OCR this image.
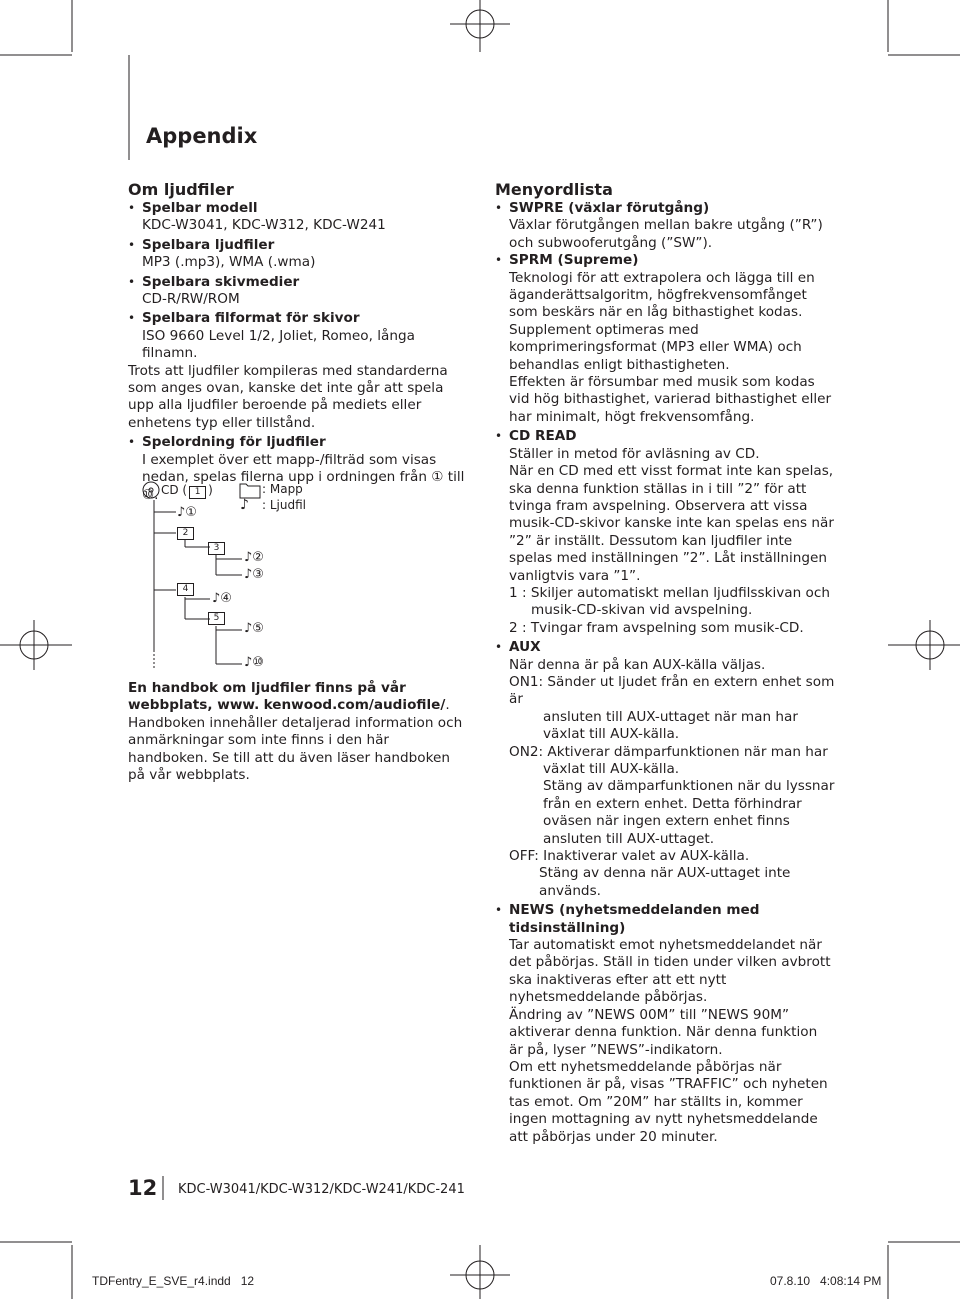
Appendix
Om ljudfiler
• Spelbar modell
KDC-W3041, KDC-W312, KDC-W241
• Spelbara ljudfiler
MP3 (.mp3), WMA (.wma)
• Spelbara skivmedier
CD-R/RW/ROM
• Spelbara filformat för skivor
ISO 9660 Level 1/2, Joliet, Romeo, långa filnamn.
Trots att ljudfiler kompileras med standarderna som anges ovan, kanske det inte går att spela upp alla ljudfiler beroende på mediets eller enhetens typ eller tillstånd.
• Spelordning för ljudfiler
I exemplet över ett mapp-/filträd som visas nedan, spelas filerna upp i ordningen från ① till ⑩. CD ( 1 )	: Mapp
: Ljudfil
♪
♪①
2
3
♪②
♪③
4
♪④
5
♪⑤
♪⑩
En handbok om ljudfiler finns på vår webbplats, www. kenwood.com/audiofile/. Handboken innehåller detaljerad information och anmärkningar som inte finns i den här handboken. Se till att du även läser handboken på vår webbplats.
Menyordlista
• SWPRE (växlar förutgång)
Växlar förutgången mellan bakre utgång (”R”) och subwooferutgång (”SW”).
• SPRM (Supreme)
Teknologi för att extrapolera och lägga till en äganderättsalgoritm, högfrekvensomfånget som beskärs när en låg bithastighet kodas.
Supplement optimeras med komprimeringsformat (MP3 eller WMA) och behandlas enligt bithastigheten.
Effekten är försumbar med musik som kodas vid hög bithastighet, varierad bithastighet eller har minimalt, högt frekvensomfång.
• CD READ
Ställer in metod för avläsning av CD.
När en CD med ett visst format inte kan spelas, ska denna funktion ställas in i till ”2” för att tvinga fram avspelning. Observera att vissa musik-CD-skivor kanske inte kan spelas ens när ”2” är inställt. Dessutom kan ljudfiler inte spelas med inställningen ”2”. Låt inställningen vanligtvis vara ”1”.
1 : Skiljer automatiskt mellan ljudfilsskivan och
musik-CD-skivan vid avspelning.
2 : Tvingar fram avspelning som musik-CD.
• AUX
När denna är på kan AUX-källa väljas.
ON1: Sänder ut ljudet från en extern enhet som är
ansluten till AUX-uttaget när man har växlat till AUX-källa.
ON2: Aktiverar dämparfunktionen när man har
växlat till AUX-källa.
Stäng av dämparfunktionen när du lyssnar från en extern enhet. Detta förhindrar oväsen när ingen extern enhet finns ansluten till AUX-uttaget.
OFF: Inaktiverar valet av AUX-källa.
Stäng av denna när AUX-uttaget inte används.
• NEWS (nyhetsmeddelanden med tidsinställning)
Tar automatiskt emot nyhetsmeddelandet när det påbörjas. Ställ in tiden under vilken avbrott ska inaktiveras efter att ett nytt nyhetsmeddelande påbörjas.
Ändring av ”NEWS 00M” till ”NEWS 90M” aktiverar denna funktion. När denna funktion är på, lyser ”NEWS”-indikatorn.
Om ett nyhetsmeddelande påbörjas när funktionen är på, visas ”TRAFFIC” och nyheten tas emot. Om ”20M” har ställts in, kommer ingen mottagning av nytt nyhetsmeddelande att påbörjas under 20 minuter.
12 KDC-W3041/KDC-W312/KDC-W241/KDC-241
TDFentry_E_SVE_r4.indd   12	07.8.10   4:08:14 PM
